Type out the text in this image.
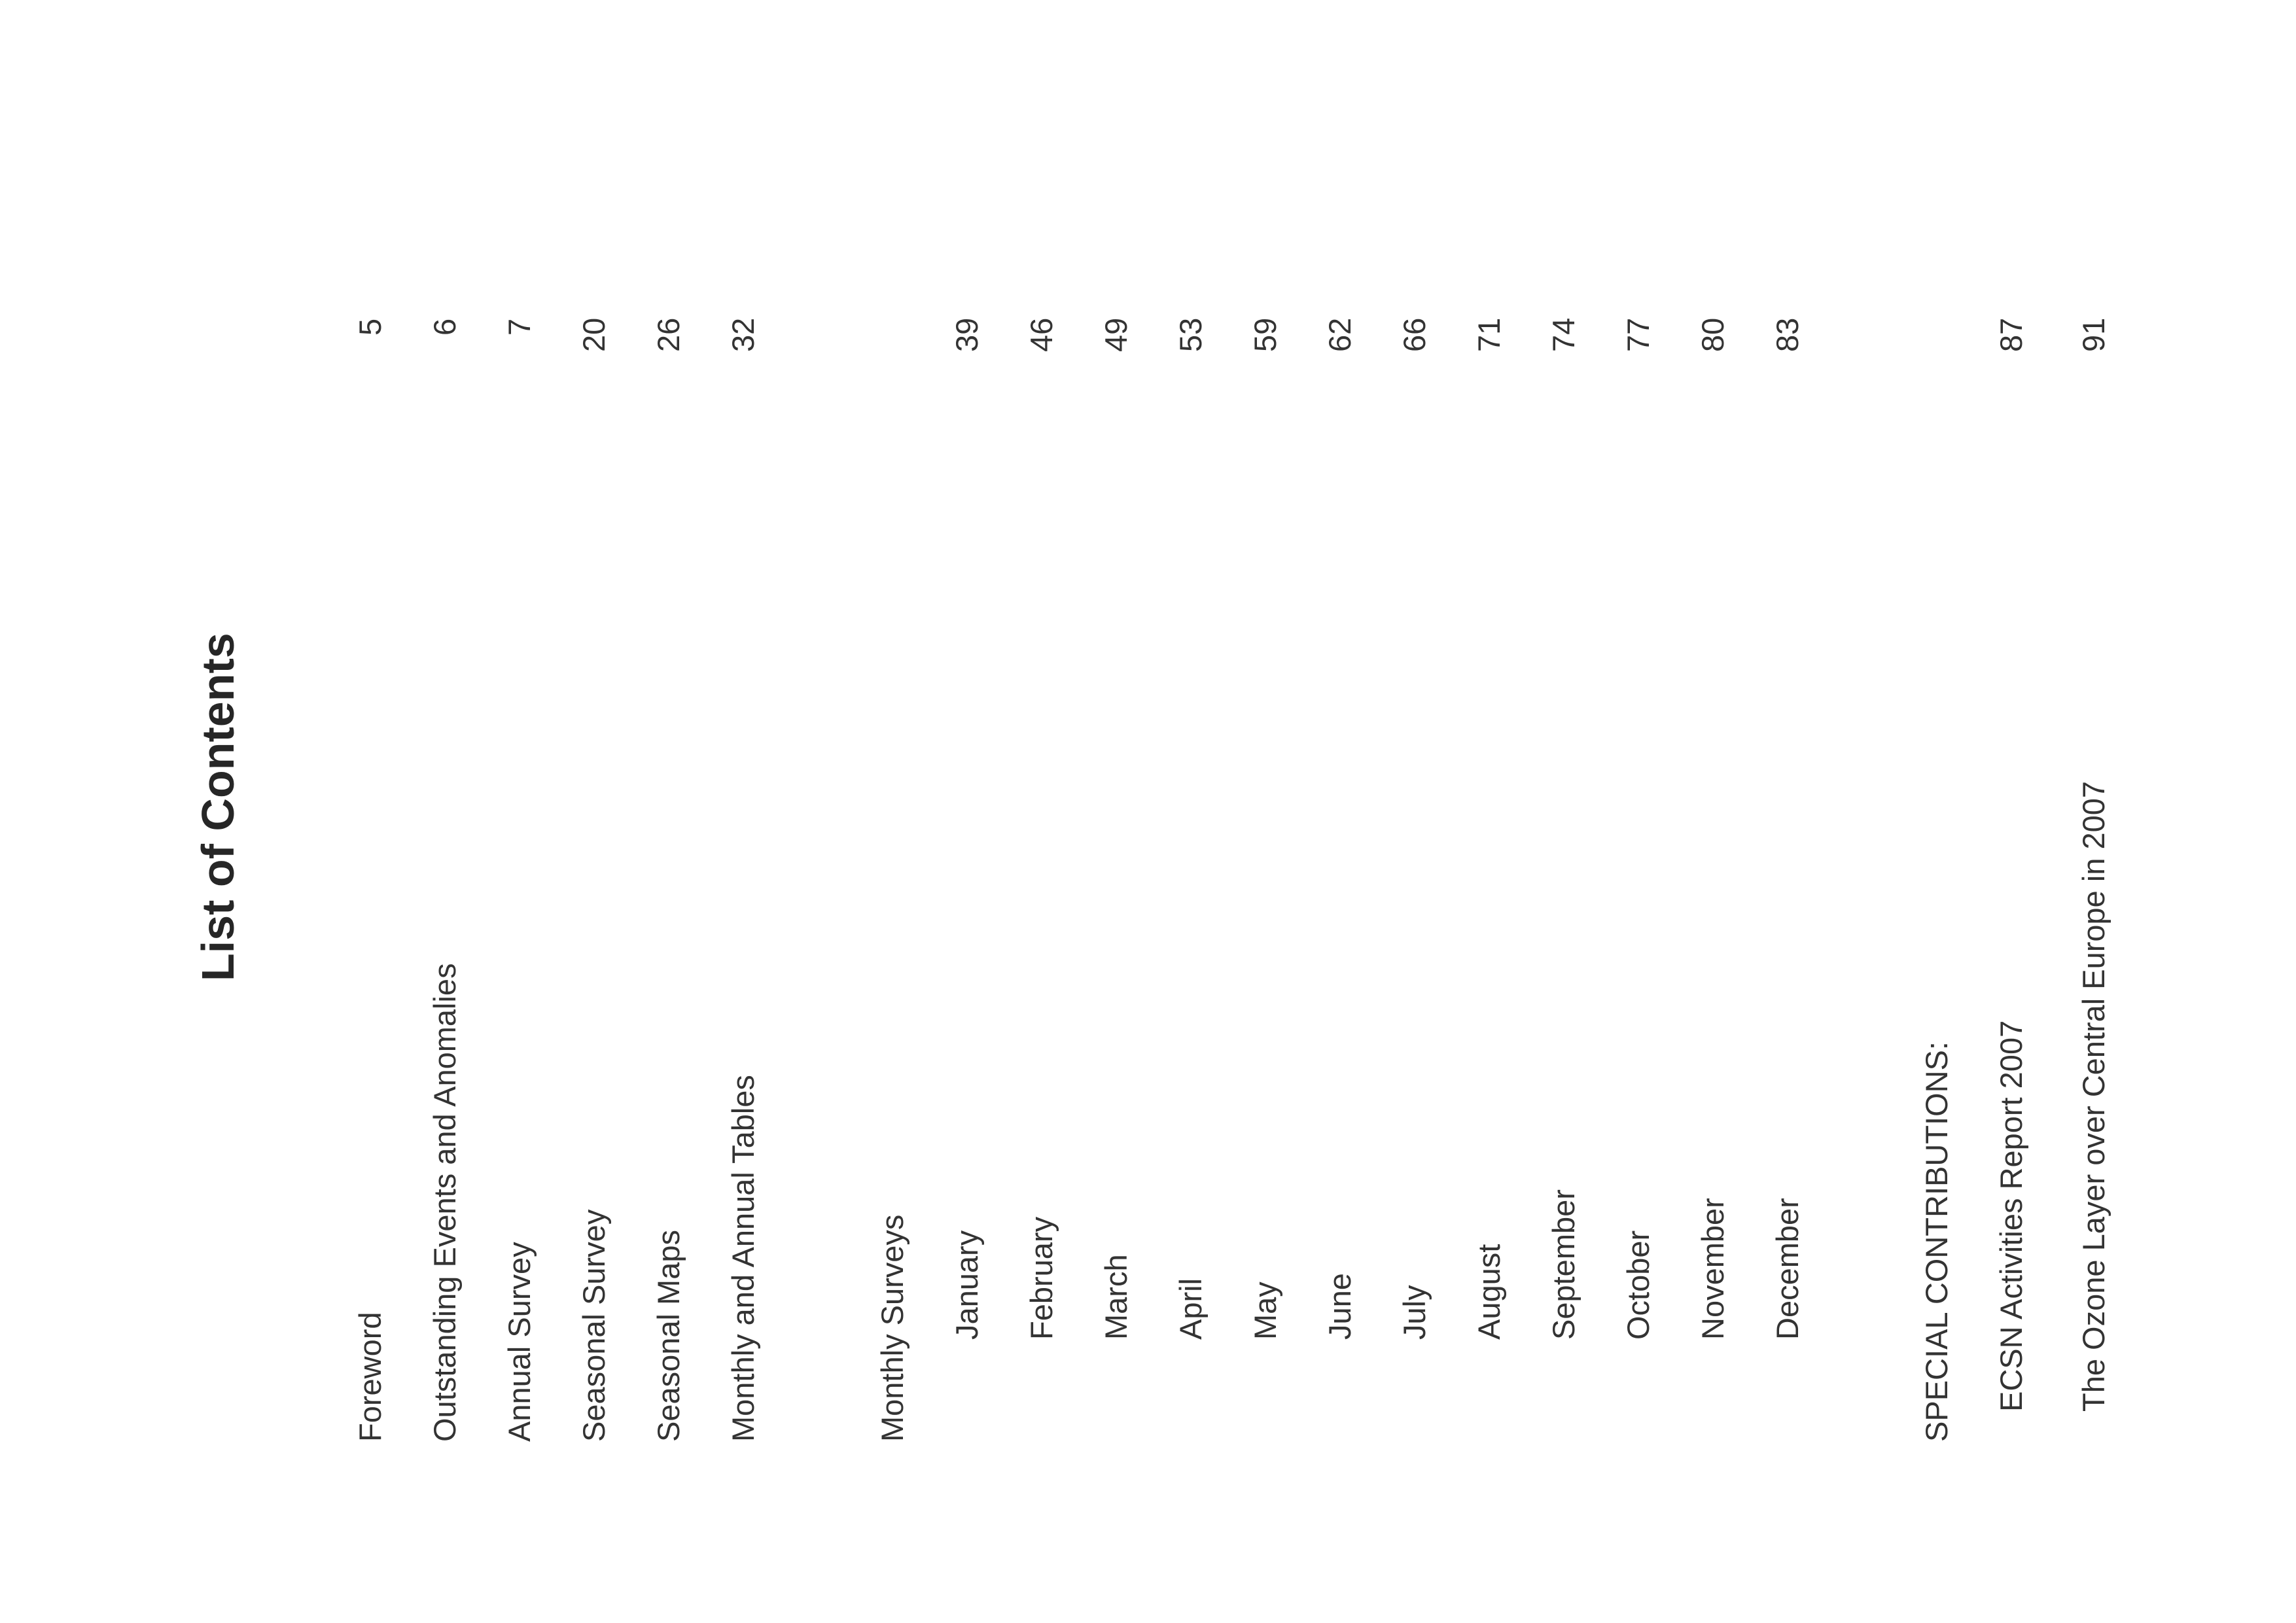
List of Contents
Foreword
5
Outstanding Events and Anomalies
6
Annual Survey
7
Seasonal Survey
20
Seasonal Maps
26
Monthly and Annual Tables
32
Monthly Surveys January
39
February
46
March
49
April
53
May
59
June
62
July
66
August
71
September
74
October
77
November
80
December
83
SPECIAL CONTRIBUTIONS: ECSN Activities Report 2007
87
The Ozone Layer over Central Europe in 2007
91
